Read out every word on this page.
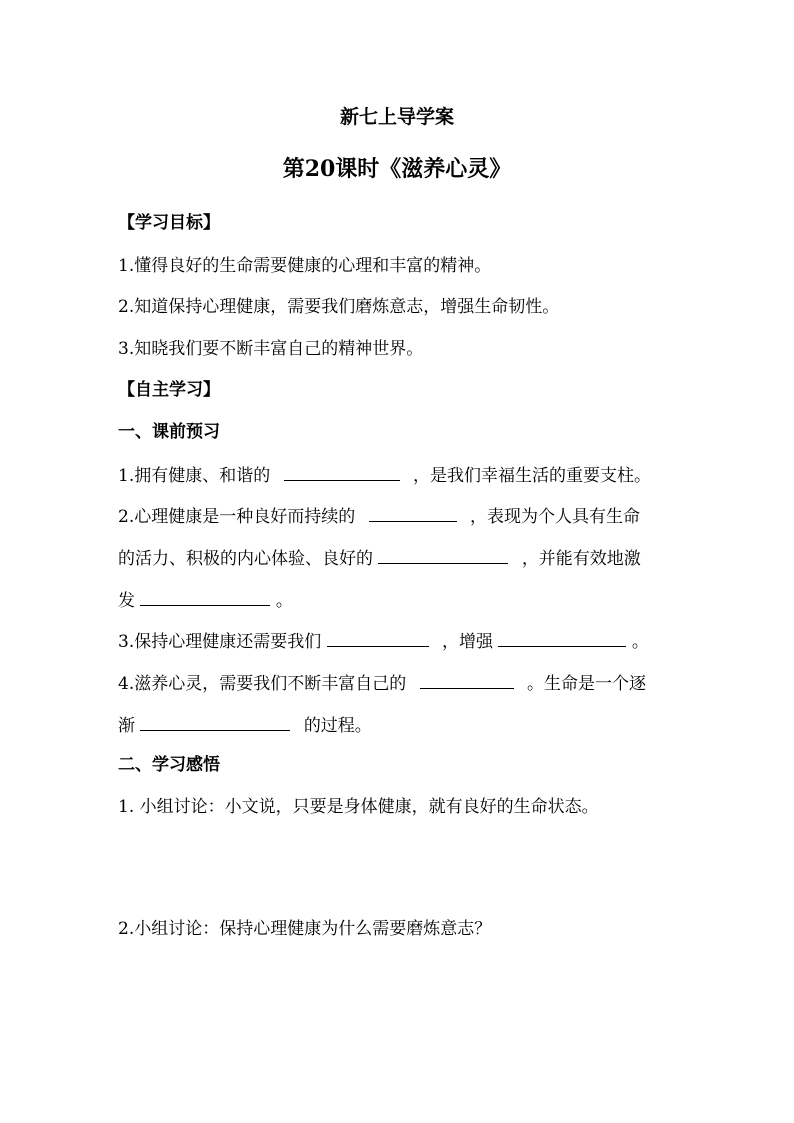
新七上导学案
第20课时《滋养心灵》
【学习目标】
1.懂得良好的生命需要健康的心理和丰富的精神。
2.知道保持心理健康，需要我们磨炼意志，增强生命韧性。
3.知晓我们要不断丰富自己的精神世界。
【自主学习】
一、课前预习
1.拥有健康、和谐的	，是我们幸福生活的重要支柱。
2.心理健康是一种良好而持续的	，表现为个人具有生命
的活力、积极的内心体验、良好的	，并能有效地激
发	。
3.保持心理健康还需要我们	，增强	。
4.滋养心灵，需要我们不断丰富自己的	。生命是一个逐
渐	的过程。
二、学习感悟
1. 小组讨论：小文说，只要是身体健康，就有良好的生命状态。
2.小组讨论：保持心理健康为什么需要磨炼意志？
